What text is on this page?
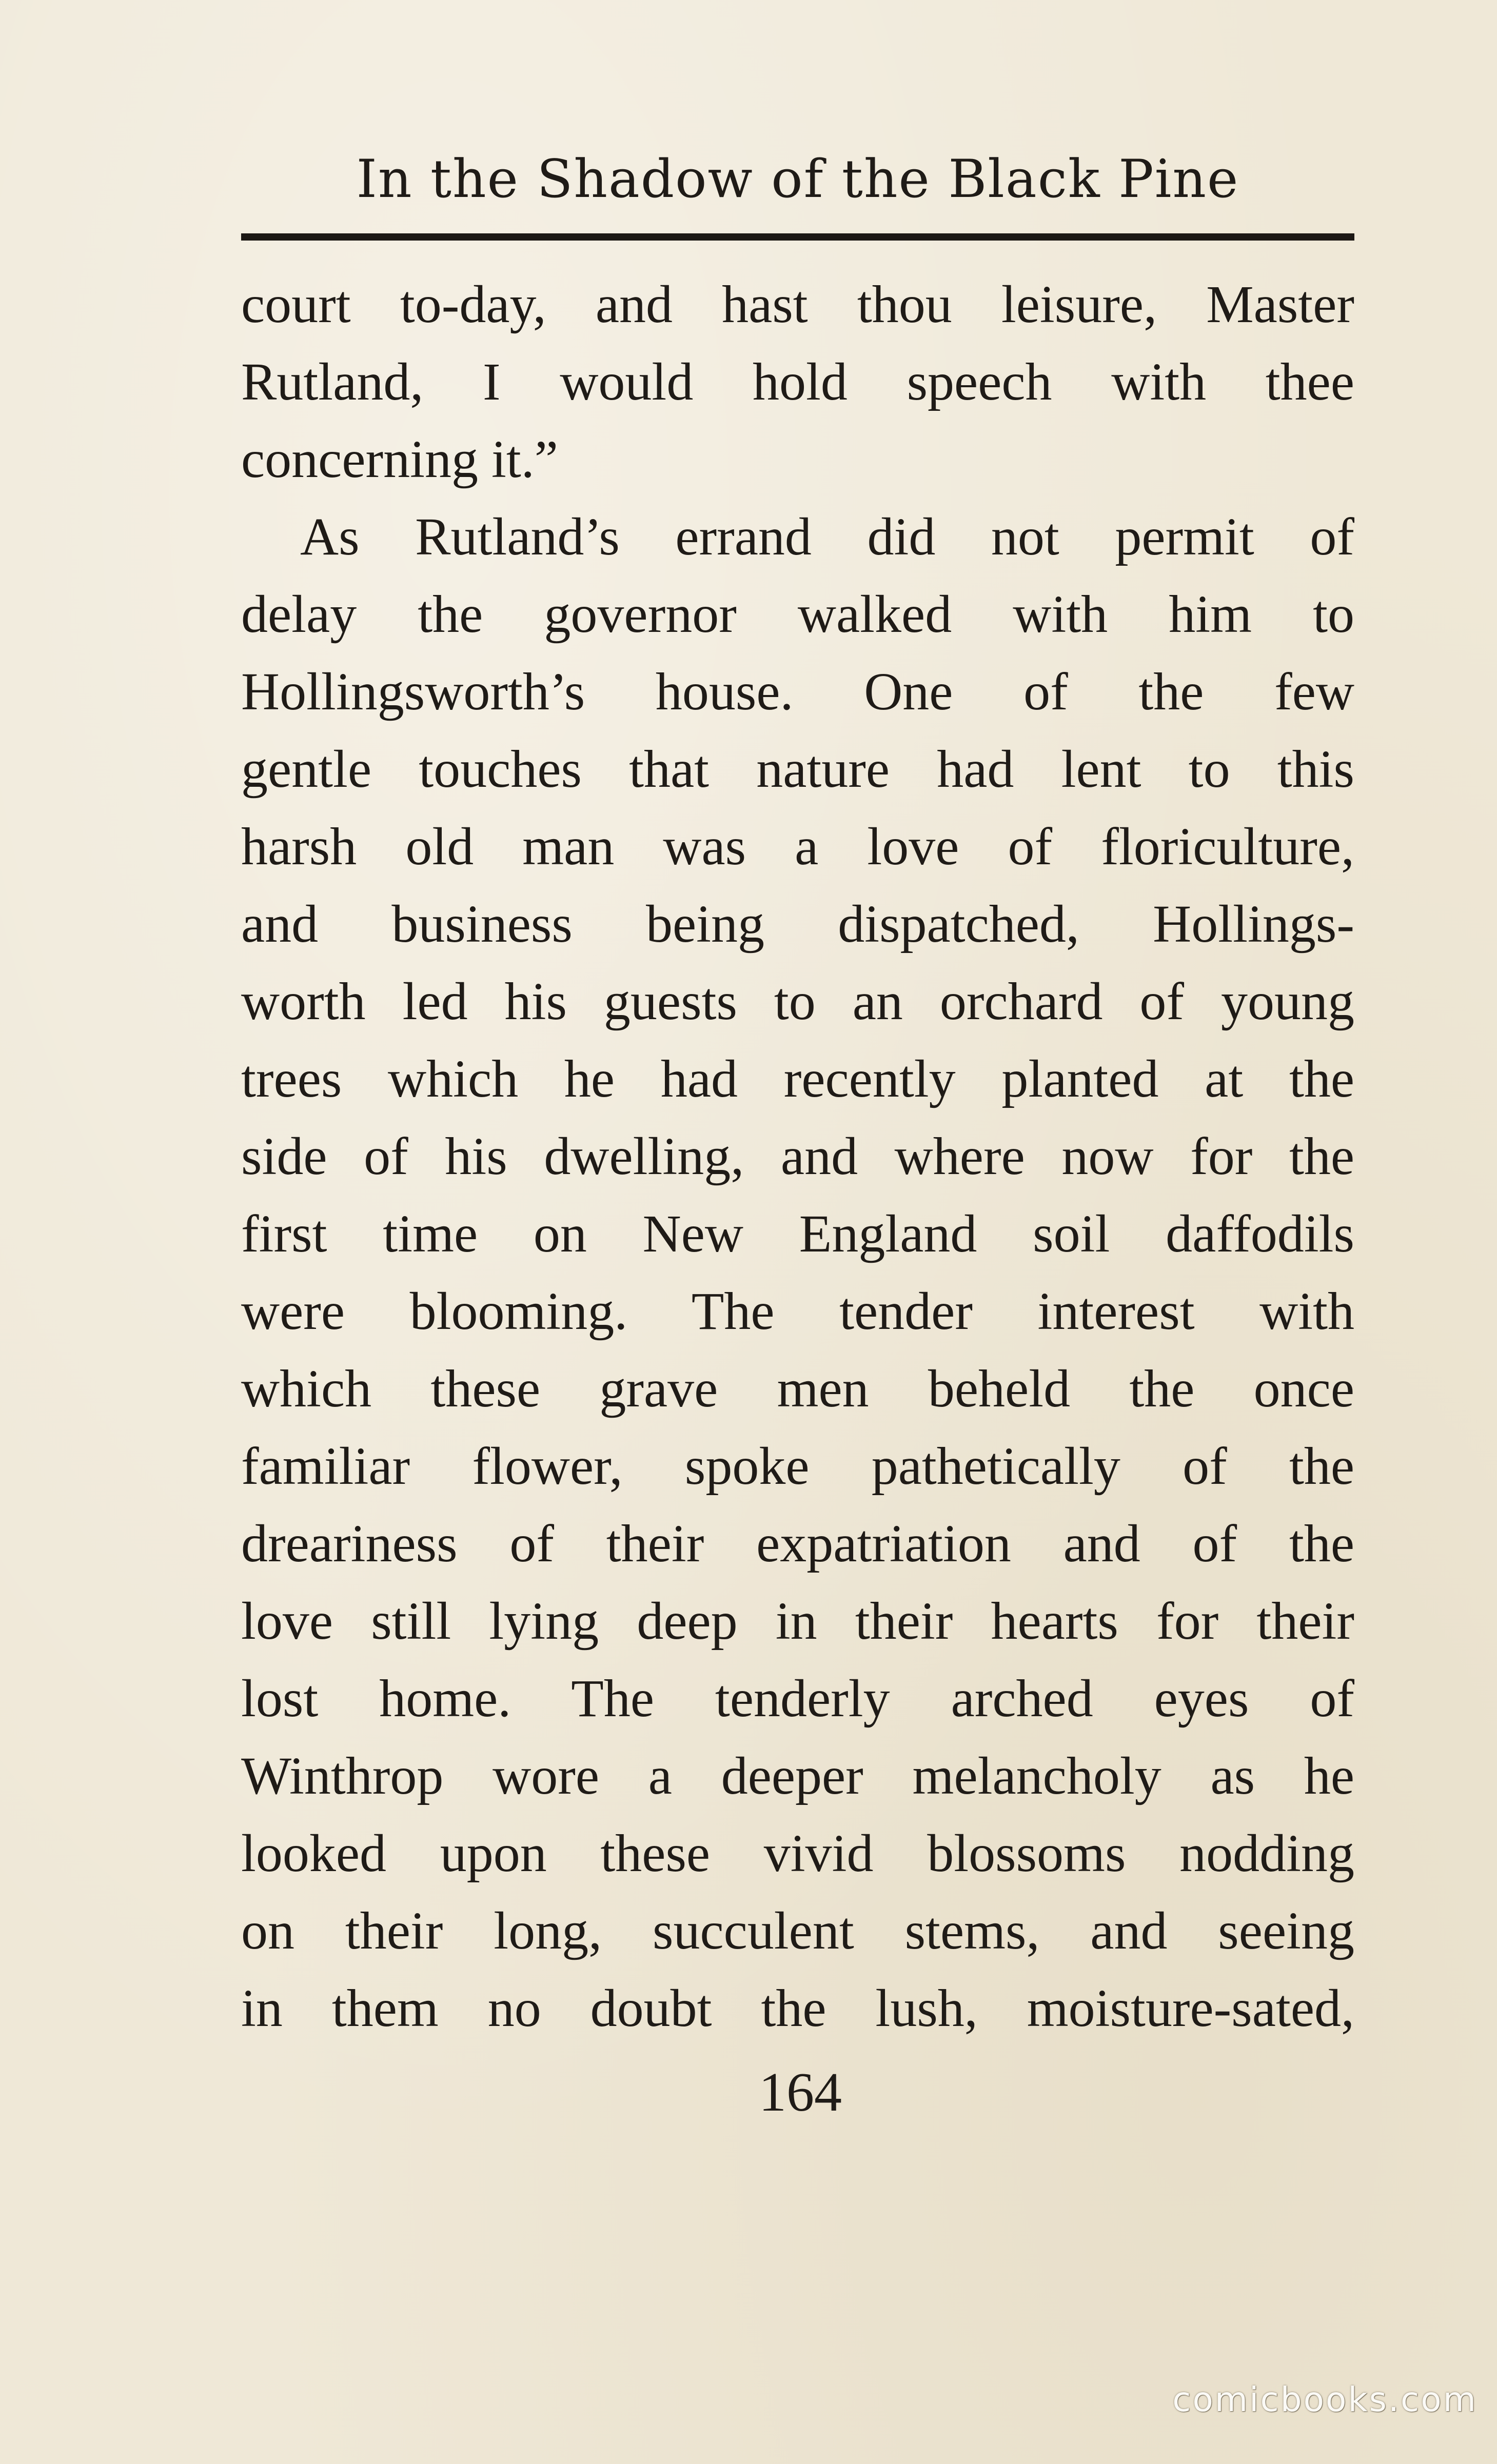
In the Shadow of the Black Pine
court to-day, and hast thou leisure, Master
Rutland, I would hold speech with thee
concerning it.”
As Rutland’s errand did not permit of
delay the governor walked with him to
Hollingsworth’s house. One of the few
gentle touches that nature had lent to this
harsh old man was a love of floriculture,
and business being dispatched, Hollings-
worth led his guests to an orchard of young
trees which he had recently planted at the
side of his dwelling, and where now for the
first time on New England soil daffodils
were blooming. The tender interest with
which these grave men beheld the once
familiar flower, spoke pathetically of the
dreariness of their expatriation and of the
love still lying deep in their hearts for their
lost home. The tenderly arched eyes of
Winthrop wore a deeper melancholy as he
looked upon these vivid blossoms nodding
on their long, succulent stems, and seeing
in them no doubt the lush, moisture-sated,
164
comicbooks.com
